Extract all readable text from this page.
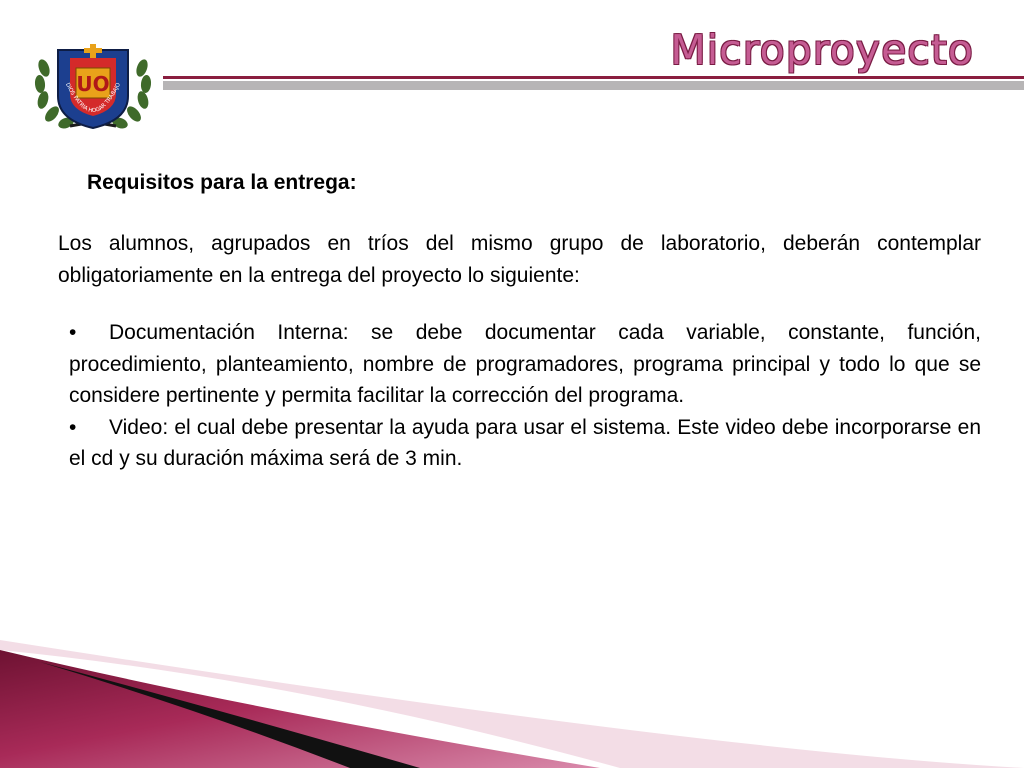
UO
DIOS PATRIA HOGAR TRABAJO
Microproyecto
Requisitos para la entrega:
Los alumnos, agrupados en tríos del mismo grupo de laboratorio, deberán contemplar obligatoriamente en la entrega del proyecto lo siguiente:
• Documentación Interna: se debe documentar cada variable, constante, función, procedimiento, planteamiento, nombre de programadores, programa principal y todo lo que se considere pertinente y permita facilitar la corrección del programa.
• Video: el cual debe presentar la ayuda para usar el sistema. Este video debe incorporarse en el cd y su duración máxima será de 3 min.
